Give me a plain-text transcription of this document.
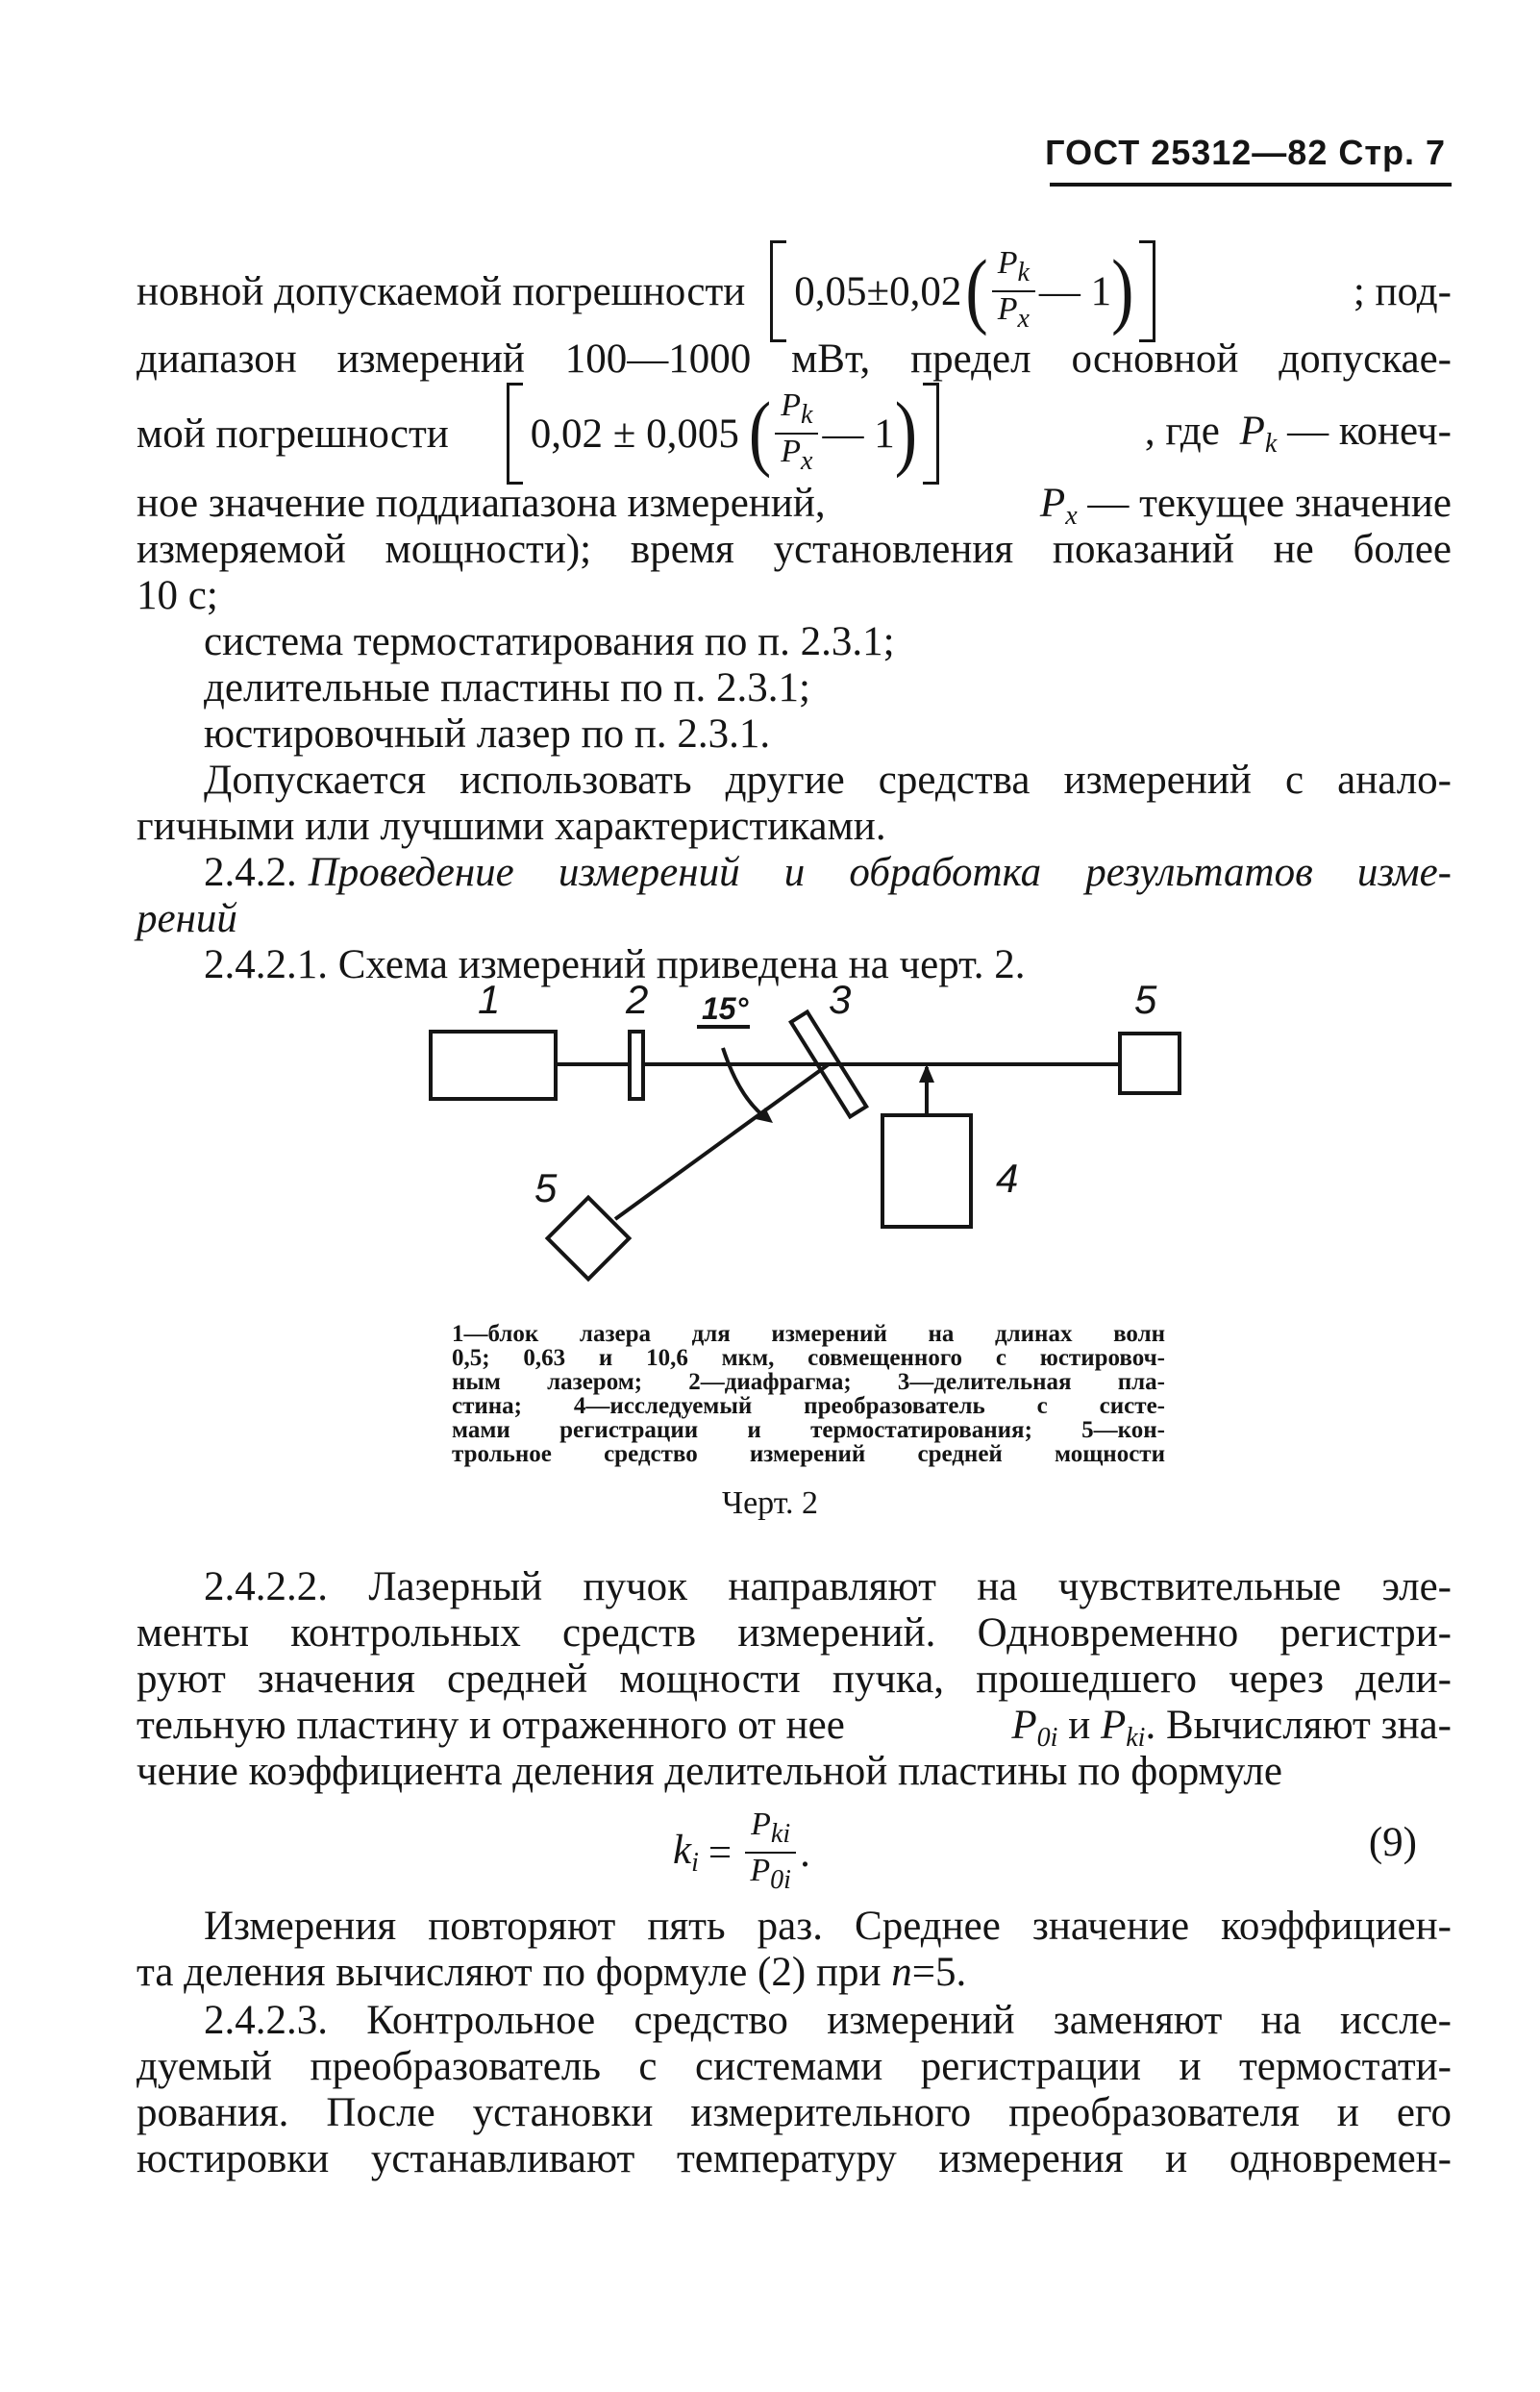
ГОСТ 25312—82 Стр. 7
новной допускаемой погрешности 0,05±0,02 ( $\frac{P_k}{P_x}$ — 1 )	; под-
диапазон измерений 100—1000 мВт, предел основной допускае-
мой погрешности 0,02 ± 0,005 ( $\frac{P_k}{P_x}$ — 1 )	, где $P_k$ — конеч-
ное значение поддиапазона измерений,	$P_x$ — текущее значение
измеряемой мощности); время установления показаний не более
10 с;
система термостатирования по п. 2.3.1;
делительные пластины по п. 2.3.1;
юстировочный лазер по п. 2.3.1.
Допускается использовать другие средства измерений с анало-
гичными или лучшими характеристиками.
2.4.2. Проведение измерений и обработка результатов изме-
рений
2.4.2.1. Схема измерений приведена на черт. 2.
1	2 15° 3	5
5	4
1—блок лазера для измерений на длинах волн
0,5; 0,63 и 10,6 мкм, совмещенного с юстировоч-
ным лазером; 2—диафрагма; 3—делительная пла-
стина; 4—исследуемый преобразователь с систе-
мами регистрации и термостатирования; 5—кон-
трольное средство измерений средней мощности
Черт. 2
2.4.2.2. Лазерный пучок направляют на чувствительные эле-
менты контрольных средств измерений. Одновременно регистри-
руют значения средней мощности пучка, прошедшего через дели-
тельную пластину и отраженного от нее	$P_{0i}$ и $P_{ki}$. Вычисляют зна-
чение коэффициента деления делительной пластины по формуле
$k_i = \frac{P_{ki}}{P_{0i}}$ .	(9)
Измерения повторяют пять раз. Среднее значение коэффициен-
та деления вычисляют по формуле (2) при n=5.
2.4.2.3. Контрольное средство измерений заменяют на иссле-
дуемый преобразователь с системами регистрации и термостати-
рования. После установки измерительного преобразователя и его
юстировки устанавливают температуру измерения и одновремен-
